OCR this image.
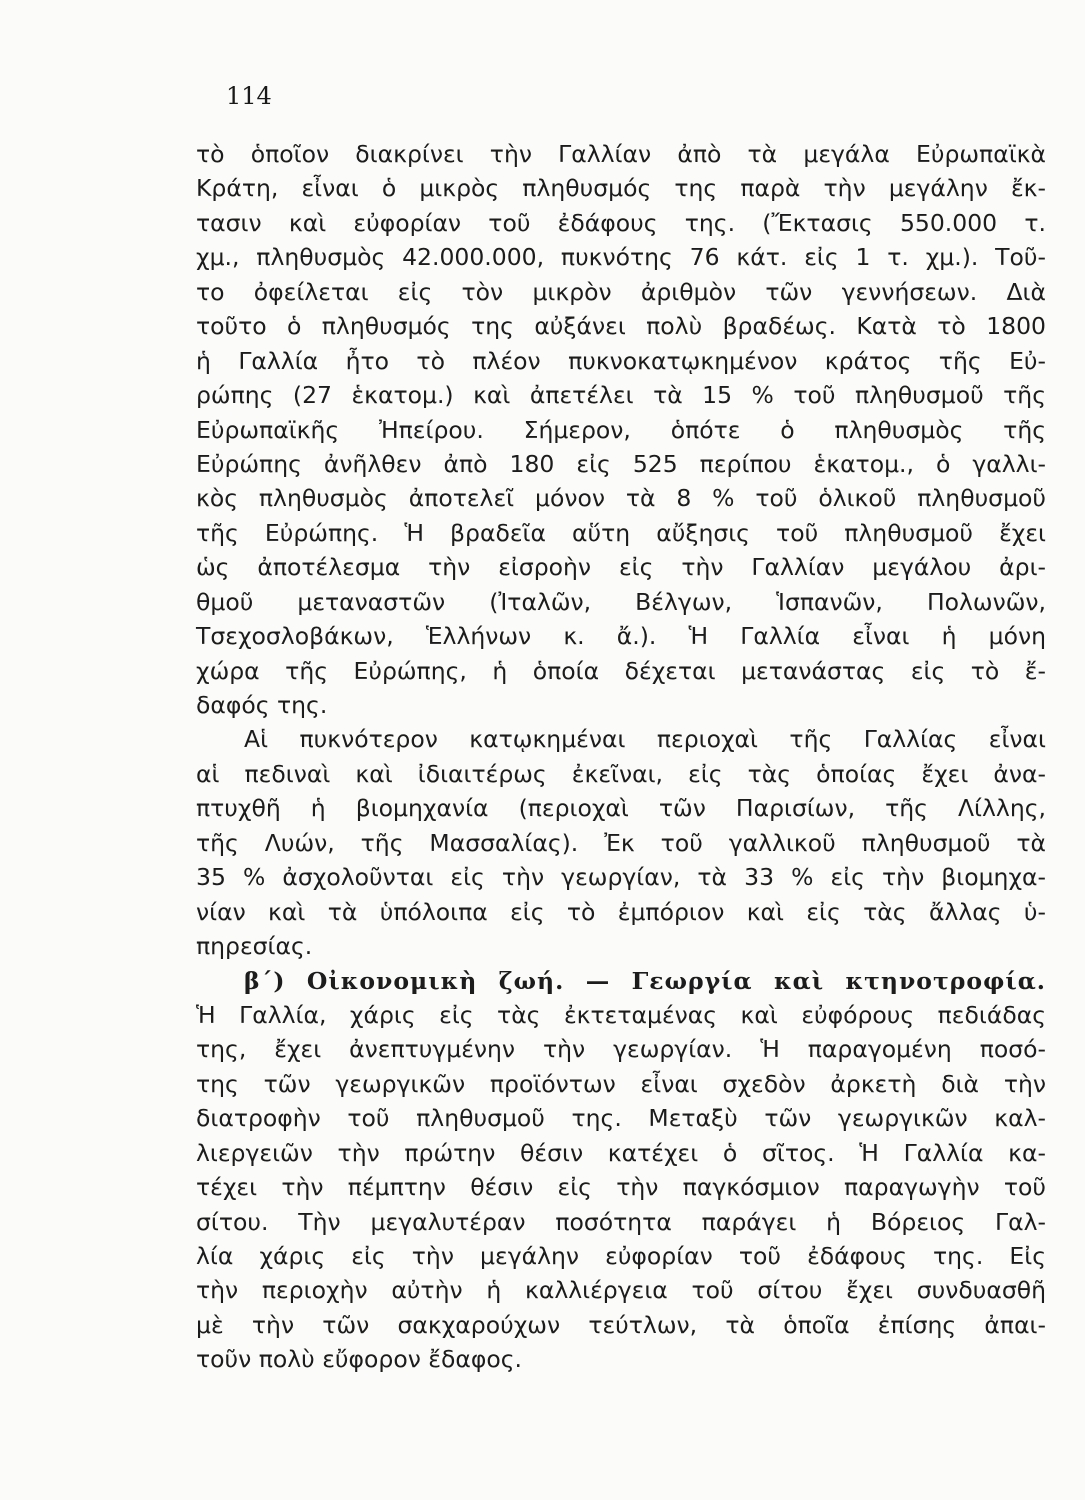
114
τὸ ὁποῖον διακρίνει τὴν Γαλλίαν ἀπὸ τὰ μεγάλα Εὐρωπαϊκὰ
Κράτη, εἶναι ὁ μικρὸς πληθυσμός της παρὰ τὴν μεγάλην ἔκ-
τασιν καὶ εὐφορίαν τοῦ ἐδάφους της. (Ἔκτασις 550.000 τ.
χμ., πληθυσμὸς 42.000.000, πυκνότης 76 κάτ. εἰς 1 τ. χμ.). Τοῦ-
το ὀφείλεται εἰς τὸν μικρὸν ἀριθμὸν τῶν γεννήσεων. Διὰ
τοῦτο ὁ πληθυσμός της αὐξάνει πολὺ βραδέως. Κατὰ τὸ 1800
ἡ Γαλλία ἦτο τὸ πλέον πυκνοκατῳκημένον κράτος τῆς Εὐ-
ρώπης (27 ἑκατομ.) καὶ ἀπετέλει τὰ 15 % τοῦ πληθυσμοῦ τῆς
Εὐρωπαϊκῆς Ἠπείρου. Σήμερον, ὁπότε ὁ πληθυσμὸς τῆς
Εὐρώπης ἀνῆλθεν ἀπὸ 180 εἰς 525 περίπου ἑκατομ., ὁ γαλλι-
κὸς πληθυσμὸς ἀποτελεῖ μόνον τὰ 8 % τοῦ ὁλικοῦ πληθυσμοῦ
τῆς Εὐρώπης. Ἡ βραδεῖα αὕτη αὔξησις τοῦ πληθυσμοῦ ἔχει
ὡς ἀποτέλεσμα τὴν εἰσροὴν εἰς τὴν Γαλλίαν μεγάλου ἀρι-
θμοῦ μεταναστῶν (Ἰταλῶν, Βέλγων, Ἱσπανῶν, Πολωνῶν,
Τσεχοσλοβάκων, Ἑλλήνων κ. ἄ.). Ἡ Γαλλία εἶναι ἡ μόνη
χώρα τῆς Εὐρώπης, ἡ ὁποία δέχεται μετανάστας εἰς τὸ ἔ-
δαφός της.
Αἱ πυκνότερον κατῳκημέναι περιοχαὶ τῆς Γαλλίας εἶναι
αἱ πεδιναὶ καὶ ἰδιαιτέρως ἐκεῖναι, εἰς τὰς ὁποίας ἔχει ἀνα-
πτυχθῆ ἡ βιομηχανία (περιοχαὶ τῶν Παρισίων, τῆς Λίλλης,
τῆς Λυών, τῆς Μασσαλίας). Ἐκ τοῦ γαλλικοῦ πληθυσμοῦ τὰ
35 % ἀσχολοῦνται εἰς τὴν γεωργίαν, τὰ 33 % εἰς τὴν βιομηχα-
νίαν καὶ τὰ ὑπόλοιπα εἰς τὸ ἐμπόριον καὶ εἰς τὰς ἄλλας ὑ-
πηρεσίας.
β´) Οἰκονομικὴ ζωή. — Γεωργία καὶ κτηνοτροφία.
Ἡ Γαλλία, χάρις εἰς τὰς ἐκτεταμένας καὶ εὐφόρους πεδιάδας
της, ἔχει ἀνεπτυγμένην τὴν γεωργίαν. Ἡ παραγομένη ποσό-
της τῶν γεωργικῶν προϊόντων εἶναι σχεδὸν ἀρκετὴ διὰ τὴν
διατροφὴν τοῦ πληθυσμοῦ της. Μεταξὺ τῶν γεωργικῶν καλ-
λιεργειῶν τὴν πρώτην θέσιν κατέχει ὁ σῖτος. Ἡ Γαλλία κα-
τέχει τὴν πέμπτην θέσιν εἰς τὴν παγκόσμιον παραγωγὴν τοῦ
σίτου. Τὴν μεγαλυτέραν ποσότητα παράγει ἡ Βόρειος Γαλ-
λία χάρις εἰς τὴν μεγάλην εὐφορίαν τοῦ ἐδάφους της. Εἰς
τὴν περιοχὴν αὐτὴν ἡ καλλιέργεια τοῦ σίτου ἔχει συνδυασθῆ
μὲ τὴν τῶν σακχαρούχων τεύτλων, τὰ ὁποῖα ἐπίσης ἀπαι-
τοῦν πολὺ εὔφορον ἔδαφος.
